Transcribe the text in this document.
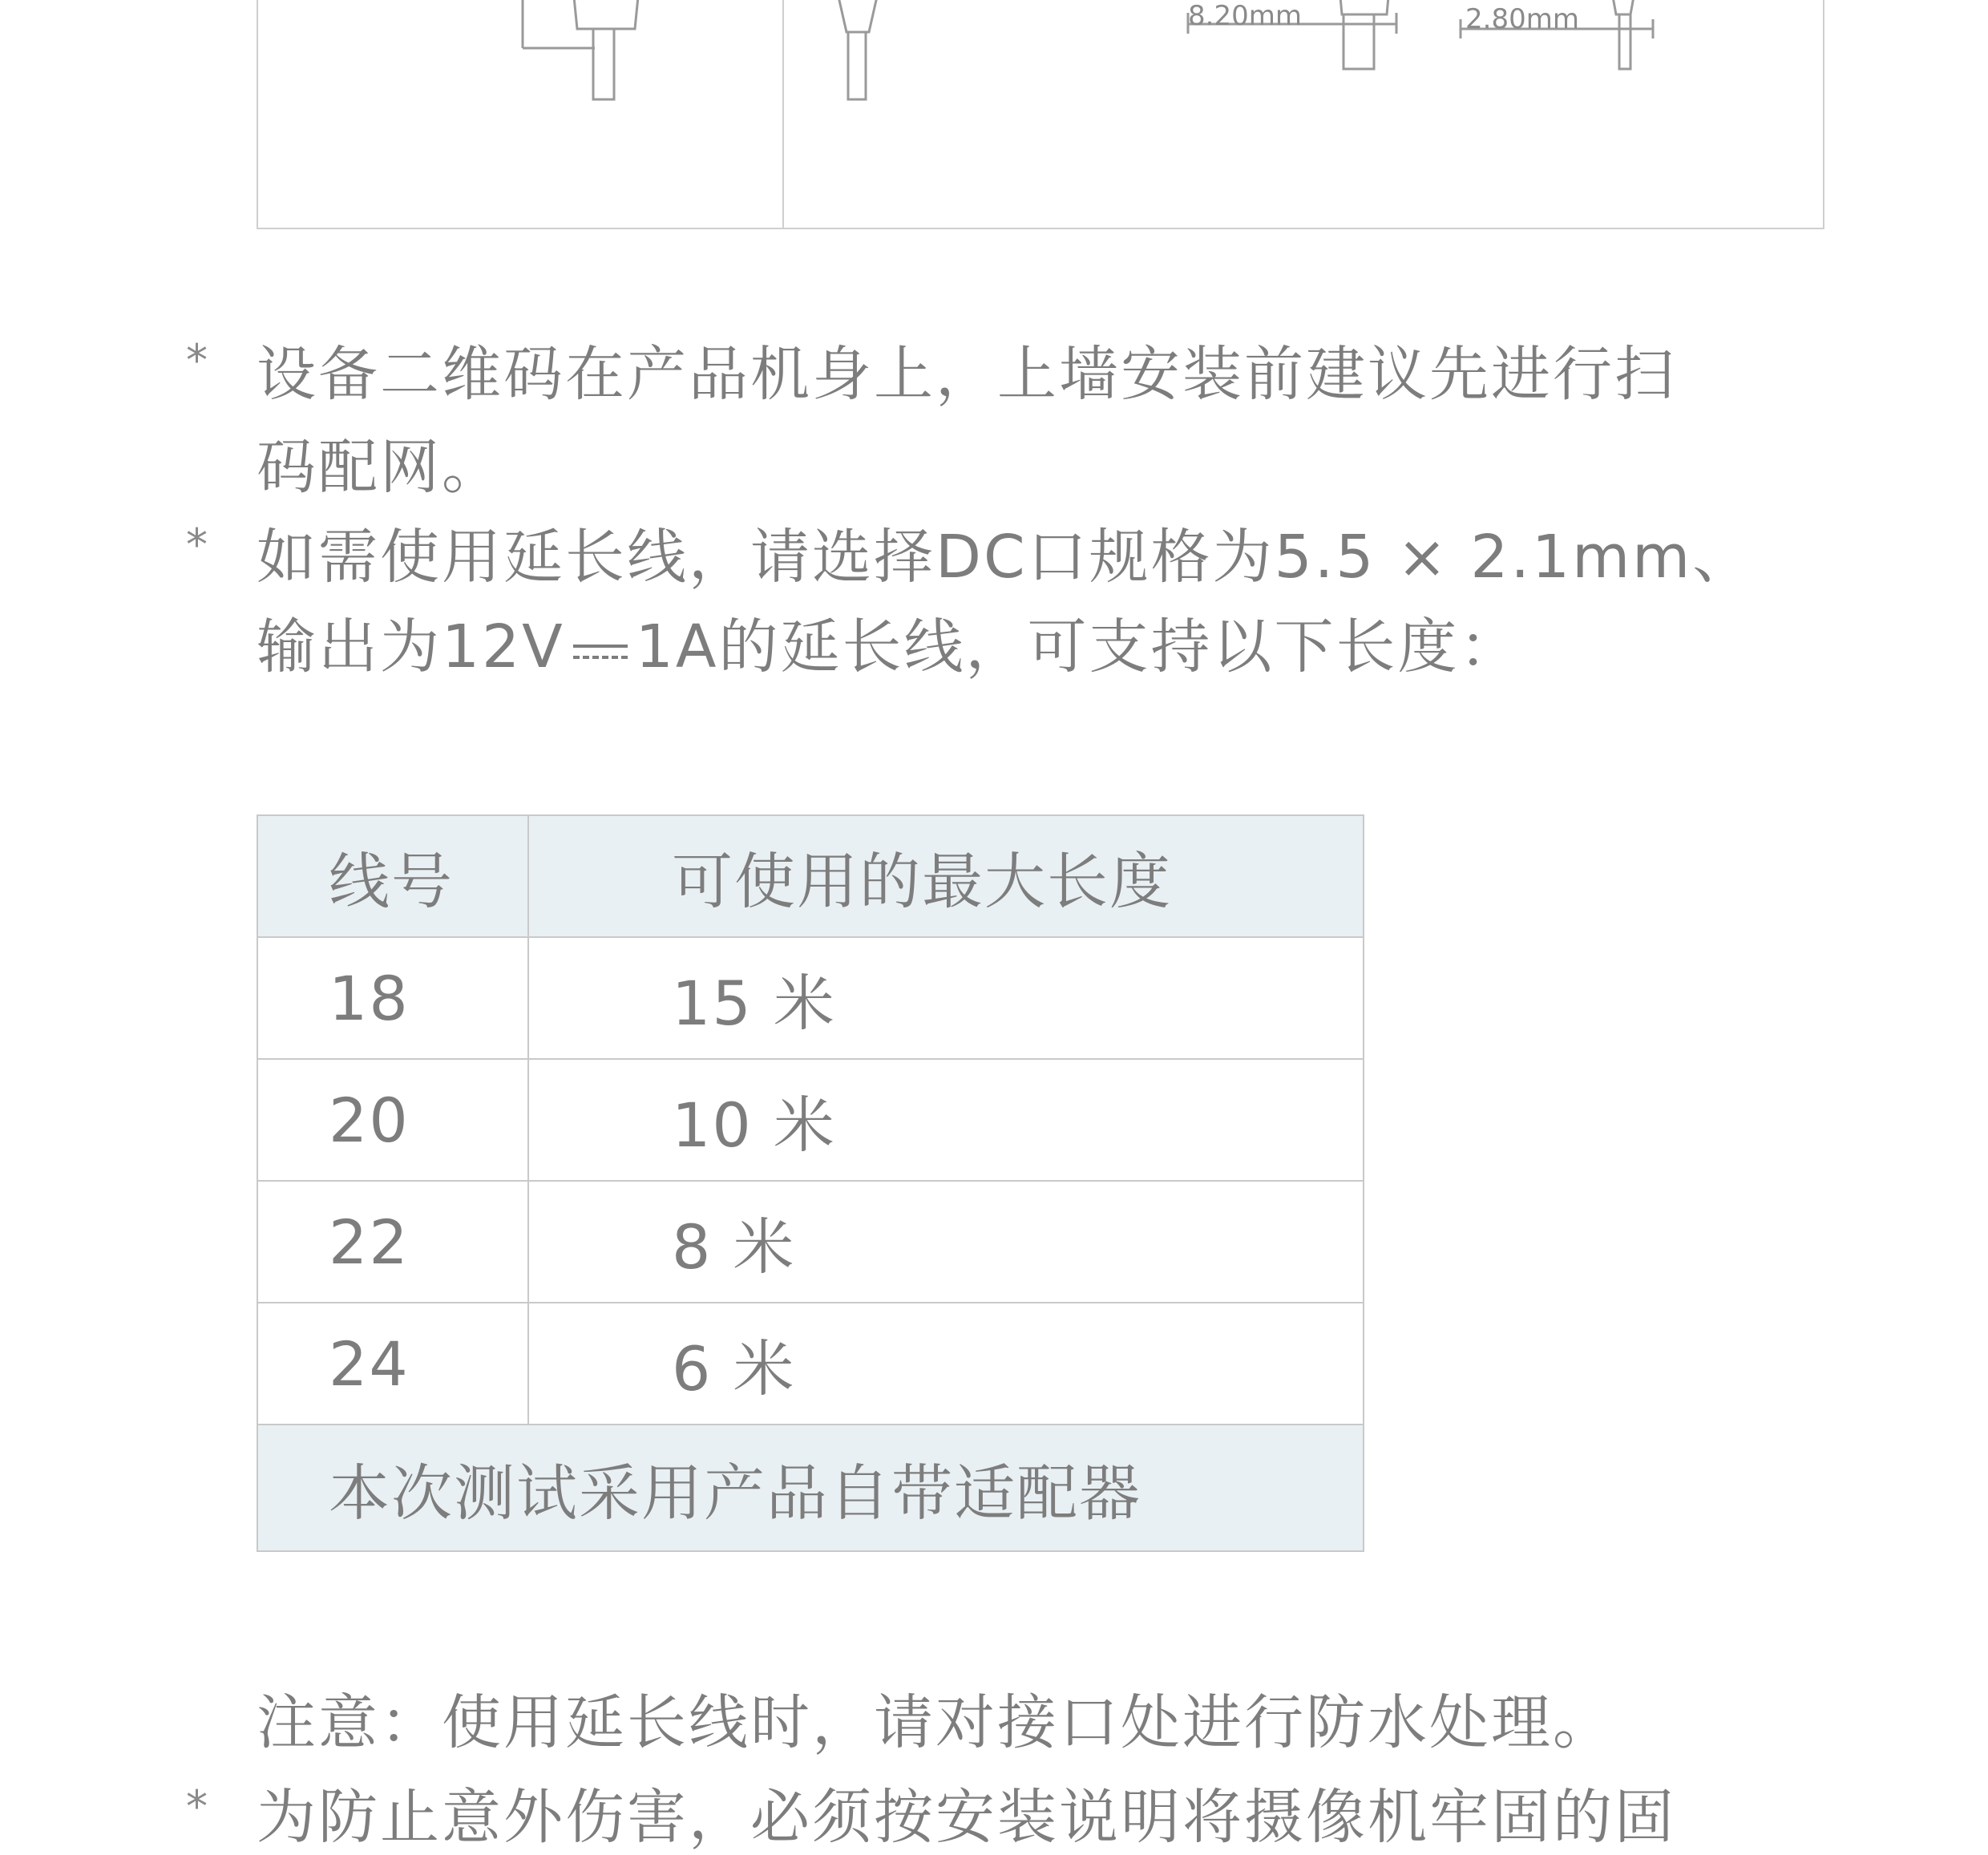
8.20mm	2.80mm
* 设备二维码在产品机身上，上墙安装前建议先进行扫
码配网。
* 如需使用延长线，请选择DC口规格为5.5 × 2.1mm、
输出为12V 1A的延长线，可支持以下长度：
线号	可使用的最大长度
18	15 米
20	10 米
22	8 米
24	6 米
本次测试采用产品自带适配器
注意：使用延长线时，请对接口处进行防水处理。
* 为防止意外伤害，必须按安装说明将摄像机牢固的固
